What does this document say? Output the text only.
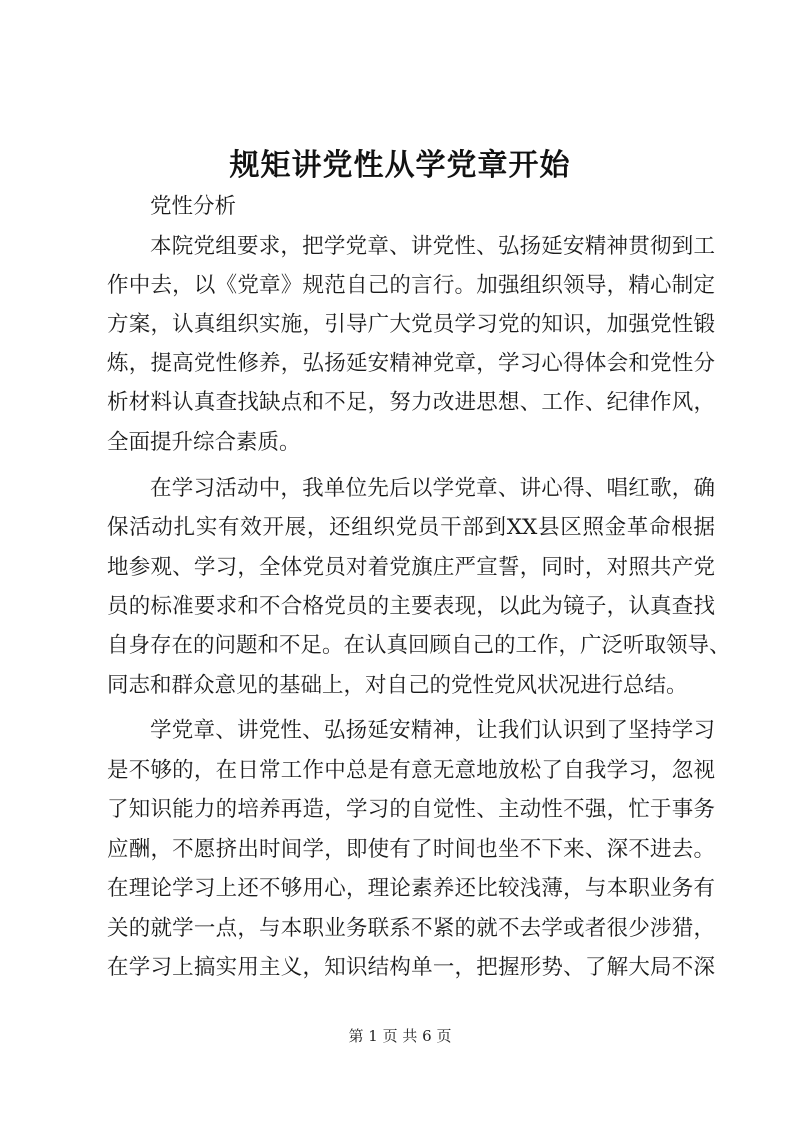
规矩讲党性从学党章开始
党性分析
本院党组要求，把学党章、讲党性、弘扬延安精神贯彻到工
作中去，以《党章》规范自己的言行。加强组织领导，精心制定
方案，认真组织实施，引导广大党员学习党的知识，加强党性锻
炼，提高党性修养，弘扬延安精神党章，学习心得体会和党性分
析材料认真查找缺点和不足，努力改进思想、工作、纪律作风，
全面提升综合素质。
在学习活动中，我单位先后以学党章、讲心得、唱红歌，确
保活动扎实有效开展，还组织党员干部到XX县区照金革命根据
地参观、学习，全体党员对着党旗庄严宣誓，同时，对照共产党
员的标准要求和不合格党员的主要表现，以此为镜子，认真查找
自身存在的问题和不足。在认真回顾自己的工作，广泛听取领导、
同志和群众意见的基础上，对自己的党性党风状况进行总结。
学党章、讲党性、弘扬延安精神，让我们认识到了坚持学习
是不够的，在日常工作中总是有意无意地放松了自我学习，忽视
了知识能力的培养再造，学习的自觉性、主动性不强，忙于事务
应酬，不愿挤出时间学，即使有了时间也坐不下来、深不进去。
在理论学习上还不够用心，理论素养还比较浅薄，与本职业务有
关的就学一点，与本职业务联系不紧的就不去学或者很少涉猎，
在学习上搞实用主义，知识结构单一，把握形势、了解大局不深
第 1 页 共 6 页
